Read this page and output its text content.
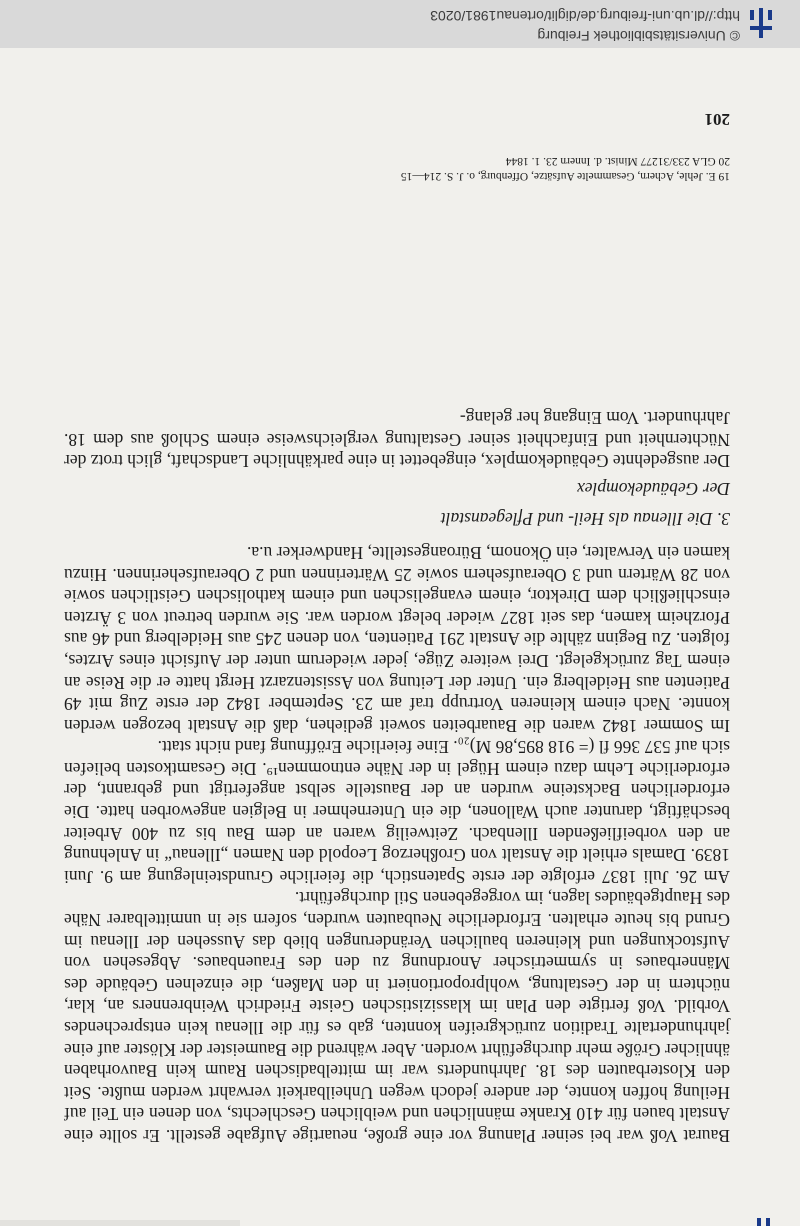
Baurat Voß war bei seiner Planung vor eine große, neuartige Aufgabe gestellt. Er sollte eine Anstalt bauen für 410 Kranke männlichen und weiblichen Geschlechts, von denen ein Teil auf Heilung hoffen konnte, der andere jedoch wegen Unheilbarkeit verwahrt werden mußte. Seit den Klosterbauten des 18. Jahrhunderts war im mittelbadischen Raum kein Bauvorhaben ähnlicher Größe mehr durchgeführt worden. Aber während die Baumeister der Klöster auf eine jahrhundertalte Tradition zurückgreifen konnten, gab es für die Illenau kein entsprechendes Vorbild. Voß fertigte den Plan im klassizistischen Geiste Friedrich Weinbrenners an, klar, nüchtern in der Gestaltung, wohlproportioniert in den Maßen, die einzelnen Gebäude des Männerbaues in symmetrischer Anordnung zu den des Frauenbaues. Abgesehen von Aufstockungen und kleineren baulichen Veränderungen blieb das Aussehen der Illenau im Grund bis heute erhalten. Erforderliche Neubauten wurden, sofern sie in unmittelbarer Nähe des Hauptgebäudes lagen, im vorgegebenen Stil durchgeführt.

Am 26. Juli 1837 erfolgte der erste Spatenstich, die feierliche Grundsteinlegung am 9. Juni 1839. Damals erhielt die Anstalt von Großherzog Leopold den Namen „Illenau“ in Anlehnung an den vorbeifließenden Illenbach. Zeitweilig waren an dem Bau bis zu 400 Arbeiter beschäftigt, darunter auch Wallonen, die ein Unternehmer in Belgien angeworben hatte. Die erforderlichen Backsteine wurden an der Baustelle selbst angefertigt und gebrannt, der erforderliche Lehm dazu einem Hügel in der Nähe entnommen¹⁹. Die Gesamtkosten beliefen sich auf 537 366 fl (= 918 895,86 M)₂₀. Eine feierliche Eröffnung fand nicht statt.

Im Sommer 1842 waren die Bauarbeiten soweit gediehen, daß die Anstalt bezogen werden konnte. Nach einem kleineren Vortrupp traf am 23. September 1842 der erste Zug mit 49 Patienten aus Heidelberg ein. Unter der Leitung von Assistenzarzt Hergt hatte er die Reise an einem Tag zurückgelegt. Drei weitere Züge, jeder wiederum unter der Aufsicht eines Arztes, folgten. Zu Beginn zählte die Anstalt 291 Patienten, von denen 245 aus Heidelberg und 46 aus Pforzheim kamen, das seit 1827 wieder belegt worden war. Sie wurden betreut von 3 Ärzten einschließlich dem Direktor, einem evangelischen und einem katholischen Geistlichen sowie von 28 Wärtern und 3 Oberaufsehern sowie 25 Wärterinnen und 2 Oberaufseherinnen. Hinzu kamen ein Verwalter, ein Ökonom, Büroangestellte, Handwerker u.a.

3. Die Illenau als Heil- und Pflegeanstalt

Der Gebäudekomplex

Der ausgedehnte Gebäudekomplex, eingebettet in eine parkähnliche Landschaft, glich trotz der Nüchternheit und Einfachheit seiner Gestaltung vergleichsweise einem Schloß aus dem 18. Jahrhundert. Vom Eingang her gelang-

19 E. Jehle, Achern, Gesammelte Aufsätze, Offenburg, o. J. S. 214—15

20 GLA 233/31277 Minist. d. Innern 23. 1. 1844

201
© Universitätsbibliothek Freiburg
http://dl.ub.uni-freiburg.de/diglit/ortenau1981/0203
